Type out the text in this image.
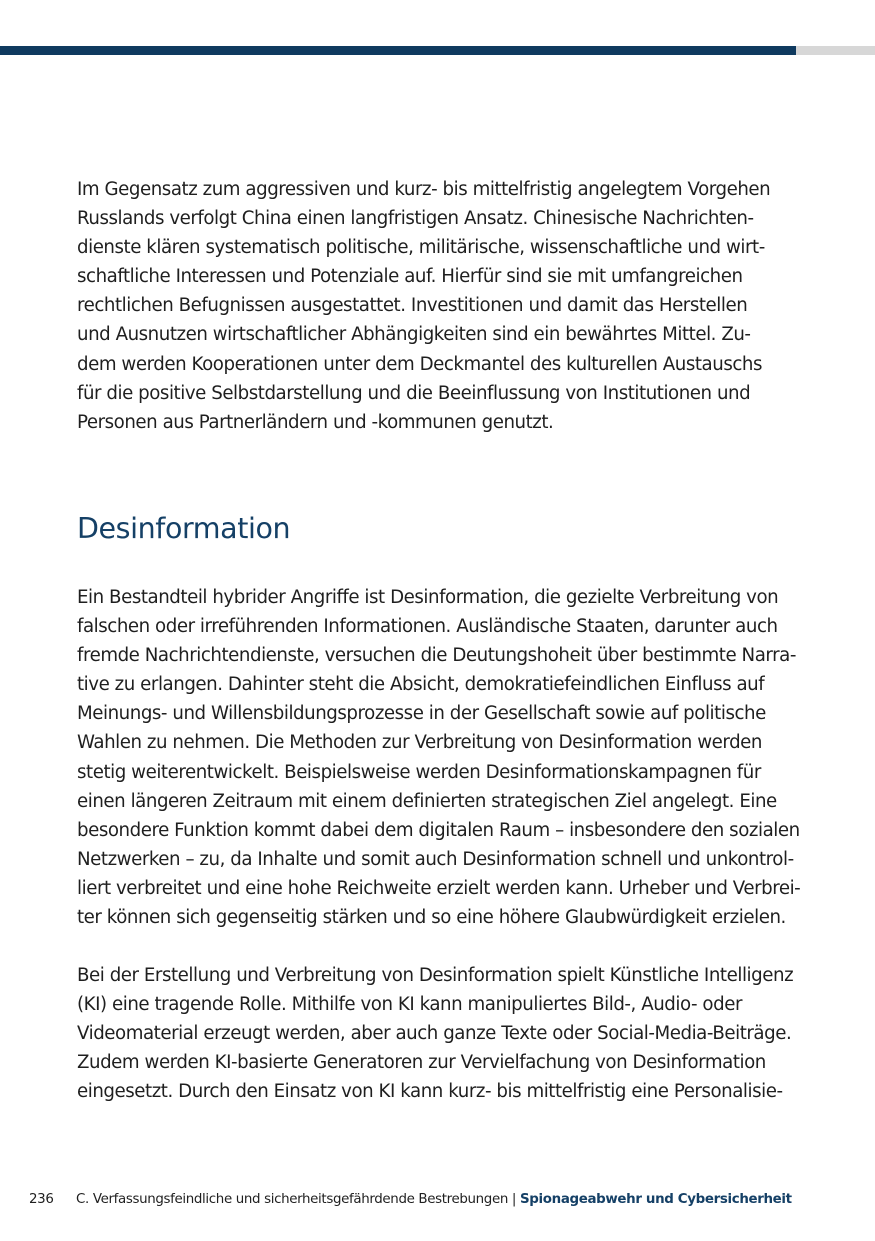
Im Gegensatz zum aggressiven und kurz- bis mittelfristig angelegtem Vorgehen
Russlands verfolgt China einen langfristigen Ansatz. Chinesische Nachrichten-
dienste klären systematisch politische, militärische, wissenschaftliche und wirt-
schaftliche Interessen und Potenziale auf. Hierfür sind sie mit umfangreichen
rechtlichen Befugnissen ausgestattet. Investitionen und damit das Herstellen
und Ausnutzen wirtschaftlicher Abhängigkeiten sind ein bewährtes Mittel. Zu-
dem werden Kooperationen unter dem Deckmantel des kulturellen Austauschs
für die positive Selbstdarstellung und die Beeinflussung von Institutionen und
Personen aus Partnerländern und -kommunen genutzt.

Desinformation

Ein Bestandteil hybrider Angriffe ist Desinformation, die gezielte Verbreitung von
falschen oder irreführenden Informationen. Ausländische Staaten, darunter auch
fremde Nachrichtendienste, versuchen die Deutungshoheit über bestimmte Narra-
tive zu erlangen. Dahinter steht die Absicht, demokratiefeindlichen Einfluss auf
Meinungs- und Willensbildungsprozesse in der Gesellschaft sowie auf politische
Wahlen zu nehmen. Die Methoden zur Verbreitung von Desinformation werden
stetig weiterentwickelt. Beispielsweise werden Desinformationskampagnen für
einen längeren Zeitraum mit einem definierten strategischen Ziel angelegt. Eine
besondere Funktion kommt dabei dem digitalen Raum – insbesondere den sozialen
Netzwerken – zu, da Inhalte und somit auch Desinformation schnell und unkontrol-
liert verbreitet und eine hohe Reichweite erzielt werden kann. Urheber und Verbrei-
ter können sich gegenseitig stärken und so eine höhere Glaubwürdigkeit erzielen.

Bei der Erstellung und Verbreitung von Desinformation spielt Künstliche Intelligenz
(KI) eine tragende Rolle. Mithilfe von KI kann manipuliertes Bild-, Audio- oder
Videomaterial erzeugt werden, aber auch ganze Texte oder Social-Media-Beiträge.
Zudem werden KI-basierte Generatoren zur Vervielfachung von Desinformation
eingesetzt. Durch den Einsatz von KI kann kurz- bis mittelfristig eine Personalisie-

236 C. Verfassungsfeindliche und sicherheitsgefährdende Bestrebungen | Spionageabwehr und Cybersicherheit
